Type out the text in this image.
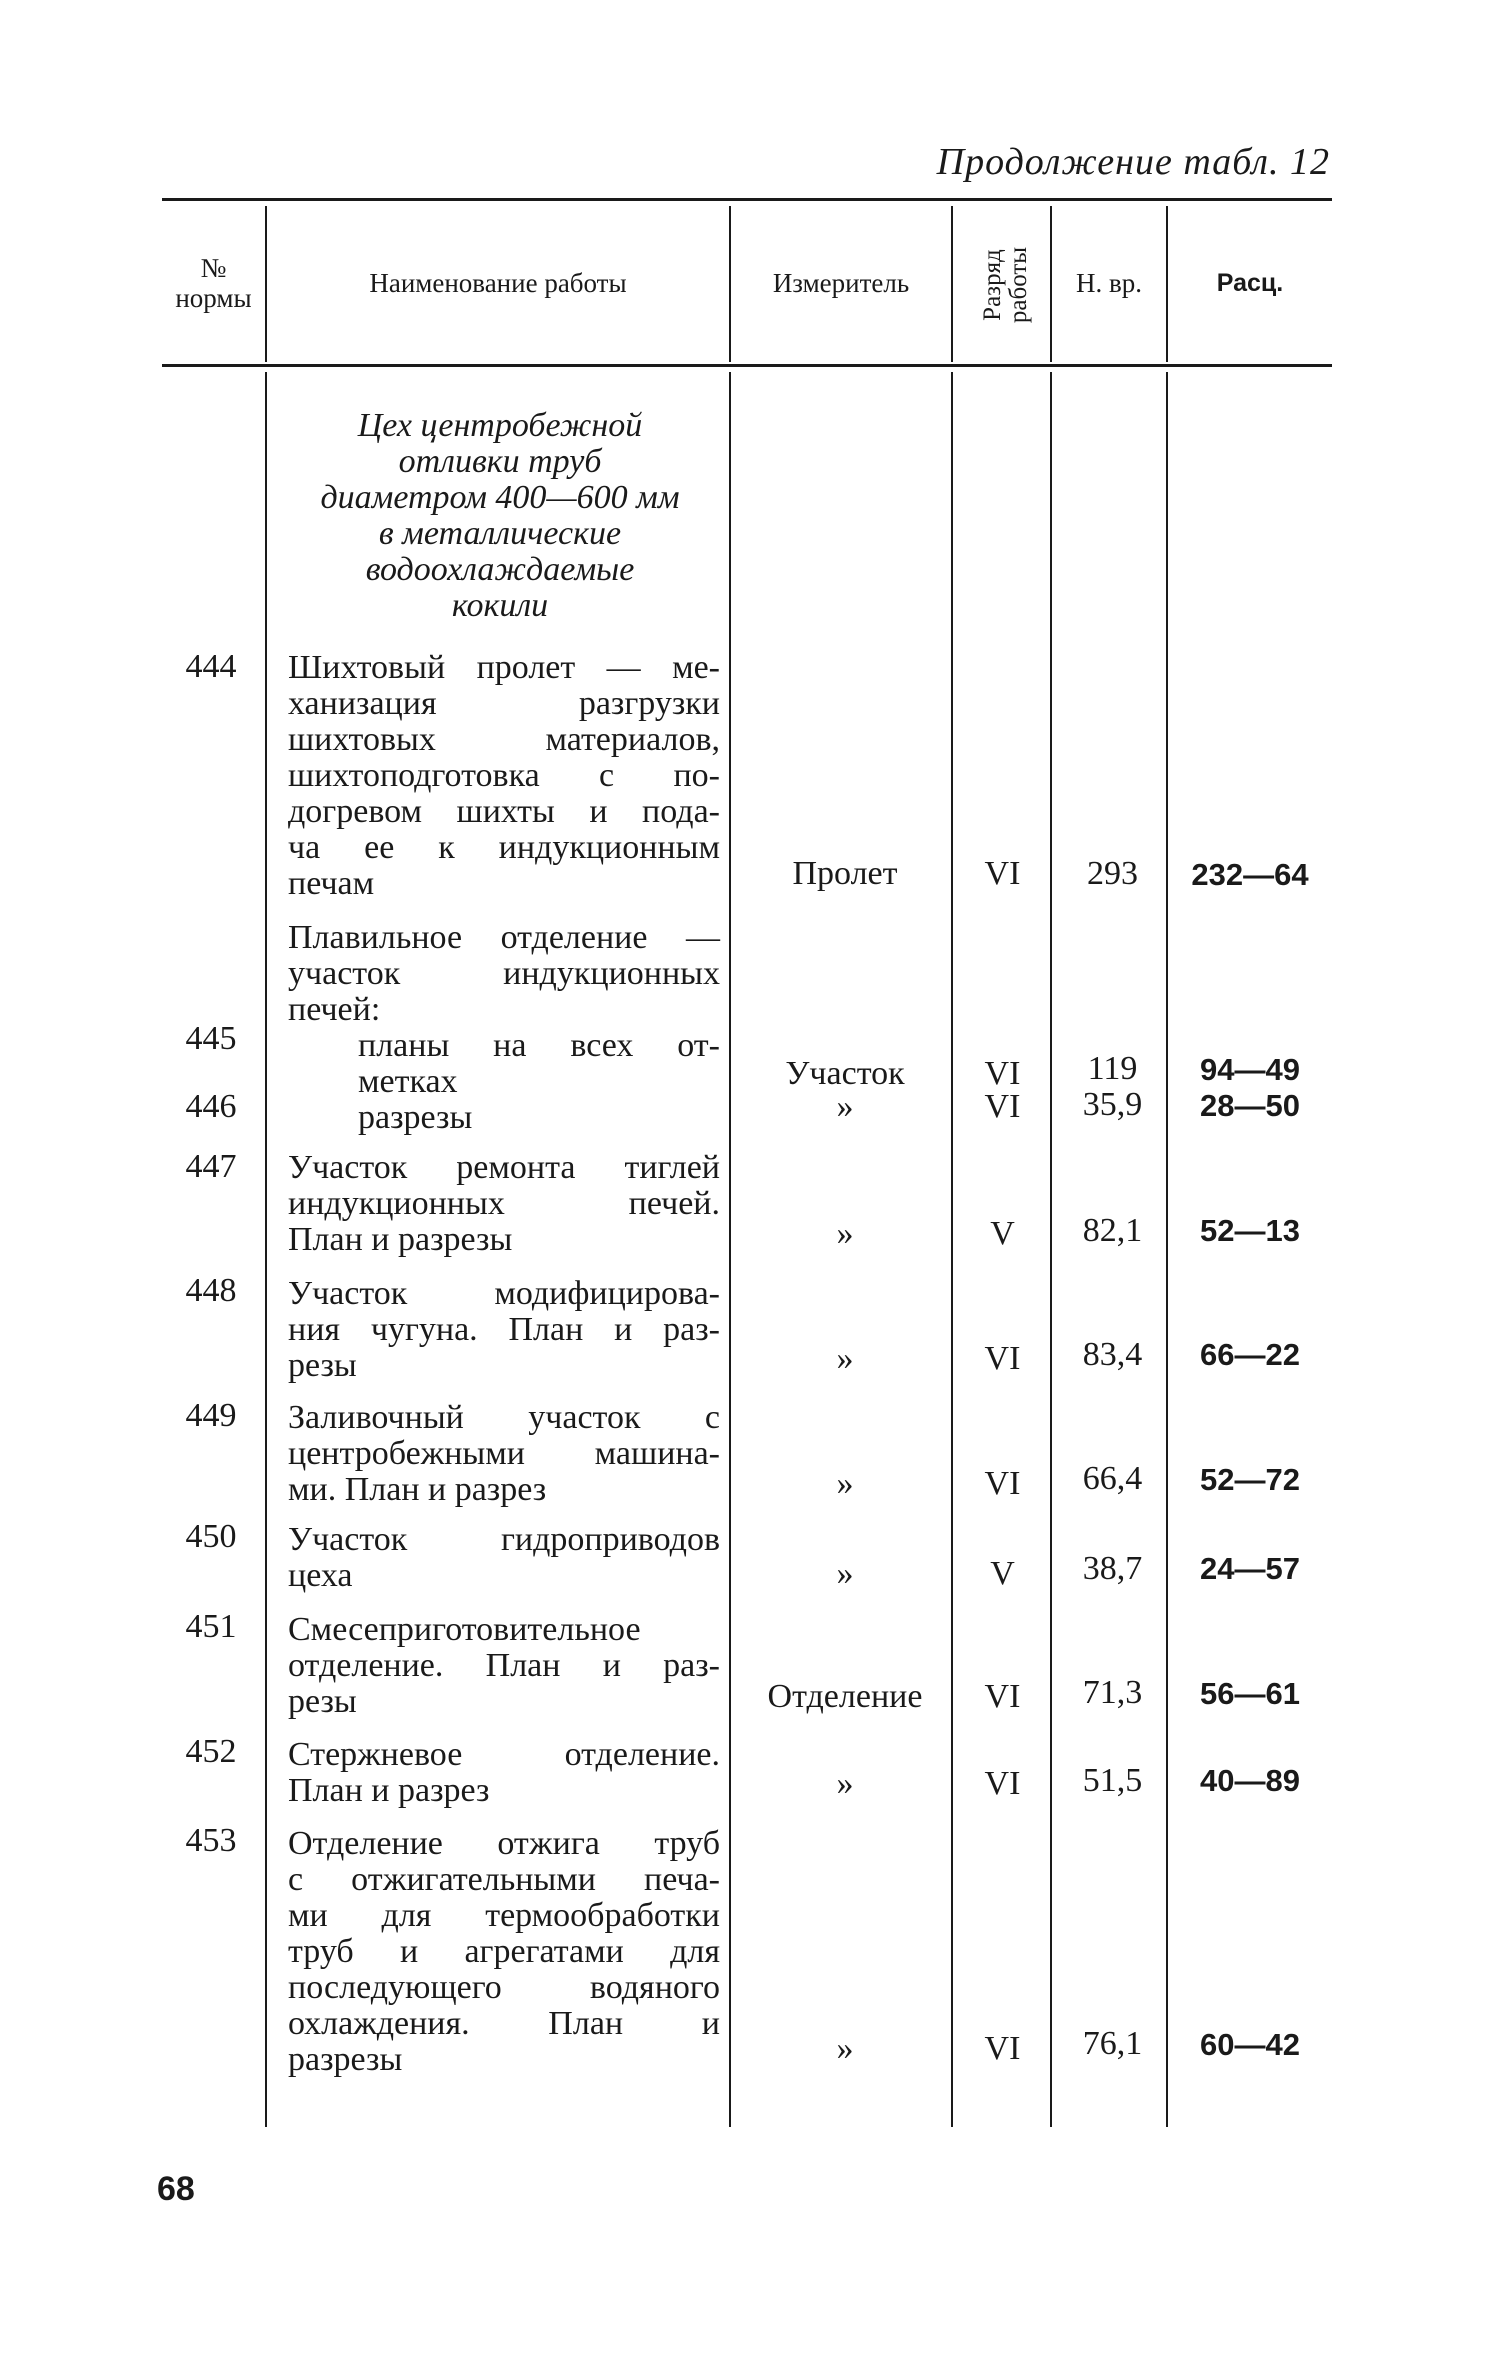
Продолжение табл. 12
№
нормы	Наименование работы	Измеритель	Разряд работы	Н. вр.	Расц.
Цех центробежной
отливки труб
диаметром 400—600 мм
в металлические
водоохлаждаемые
кокили
444	Шихтовый пролет — ме-
ханизация разгрузки
шихтовых материалов,
шихтоподготовка с по-
догревом шихты и пода-
ча ее к индукционным
печам	Пролет	VI	293	232—64
Плавильное отделение —
участок индукционных
печей:
445	планы на всех от-
метках	Участок	VI	119	94—49
446	разрезы	»	VI	35,9	28—50
447	Участок ремонта тиглей
индукционных печей.
План и разрезы	»	V	82,1	52—13
448	Участок модифицирова-
ния чугуна. План и раз-
резы	»	VI	83,4	66—22
449	Заливочный участок с
центробежными машина-
ми. План и разрез	»	VI	66,4	52—72
450	Участок гидроприводов
цеха	»	V	38,7	24—57
451	Смесеприготовительное
отделение. План и раз-
резы	Отделение	VI	71,3	56—61
452	Стержневое отделение.
План и разрез	»	VI	51,5	40—89
453	Отделение отжига труб
с отжигательными печа-
ми для термообработки
труб и агрегатами для
последующего водяного
охлаждения. План и
разрезы	»	VI	76,1	60—42
68
